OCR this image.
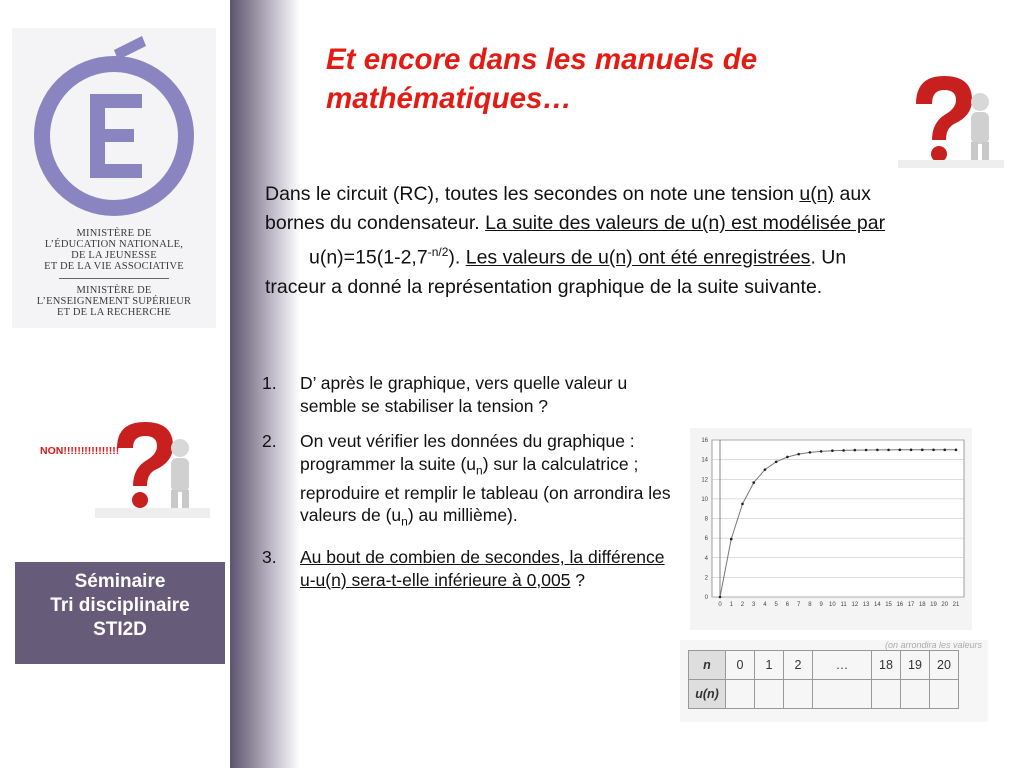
MINISTÈRE DE
L’ÉDUCATION NATIONALE,
DE LA JEUNESSE
ET DE LA VIE ASSOCIATIVE
MINISTÈRE DE
L’ENSEIGNEMENT SUPÉRIEUR
ET DE LA RECHERCHE
NON!!!!!!!!!!!!!!!!
Séminaire
Tri disciplinaire
STI2D
Et encore dans les manuels de
mathématiques…
Dans le circuit (RC), toutes les secondes on note une tension u(n) aux bornes du condensateur. La suite des valeurs de u(n) est modélisée $paru(n)=15(1-2,7^{-n/2})$. Les valeurs de u(n) ont été enregistrées. Un traceur a donné la représentation graphique de la suite suivante.
1.	D’ après le graphique, vers quelle valeur u semble se stabiliser la tension ?
2.	On veut vérifier les données du graphique : programmer la suite $(u_n)$ sur la calculatrice ; reproduire et remplir le tableau (on arrondira les valeurs de $(u_n)$ au millième).
3.	Au bout de combien de secondes, la différence u-u(n) sera-t-elle inférieure à 0,005 ?
0
2
4
6
8
10
12
14
16
0 1 2 3 4 5 6 7 8 9 10 11 12 13 14 15 16 17 18 19 20 21
(on arrondira les valeurs
n	0	1	2	…	18	19	20
u(n)							
